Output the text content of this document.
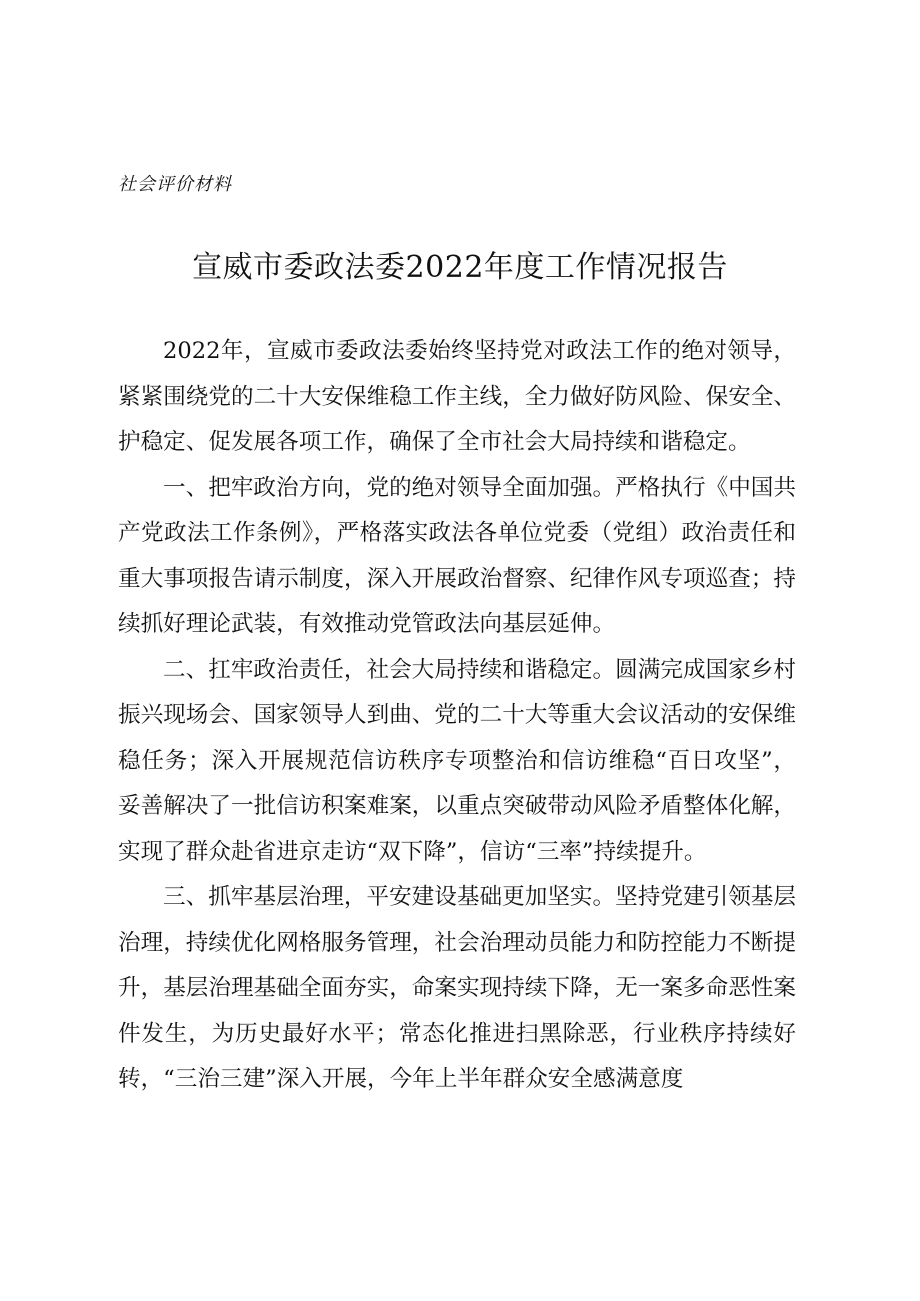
社会评价材料
宣威市委政法委2022年度工作情况报告

2022年，宣威市委政法委始终坚持党对政法工作的绝对领导，紧紧围绕党的二十大安保维稳工作主线，全力做好防风险、保安全、护稳定、促发展各项工作，确保了全市社会大局持续和谐稳定。

一、把牢政治方向，党的绝对领导全面加强。严格执行《中国共产党政法工作条例》，严格落实政法各单位党委（党组）政治责任和重大事项报告请示制度，深入开展政治督察、纪律作风专项巡查；持续抓好理论武装，有效推动党管政法向基层延伸。

二、扛牢政治责任，社会大局持续和谐稳定。圆满完成国家乡村振兴现场会、国家领导人到曲、党的二十大等重大会议活动的安保维稳任务；深入开展规范信访秩序专项整治和信访维稳“百日攻坚”，妥善解决了一批信访积案难案，以重点突破带动风险矛盾整体化解，实现了群众赴省进京走访“双下降”，信访“三率”持续提升。

三、抓牢基层治理，平安建设基础更加坚实。坚持党建引领基层治理，持续优化网格服务管理，社会治理动员能力和防控能力不断提升，基层治理基础全面夯实，命案实现持续下降，无一案多命恶性案件发生，为历史最好水平；常态化推进扫黑除恶，行业秩序持续好转，“三治三建”深入开展，今年上半年群众安全感满意度
